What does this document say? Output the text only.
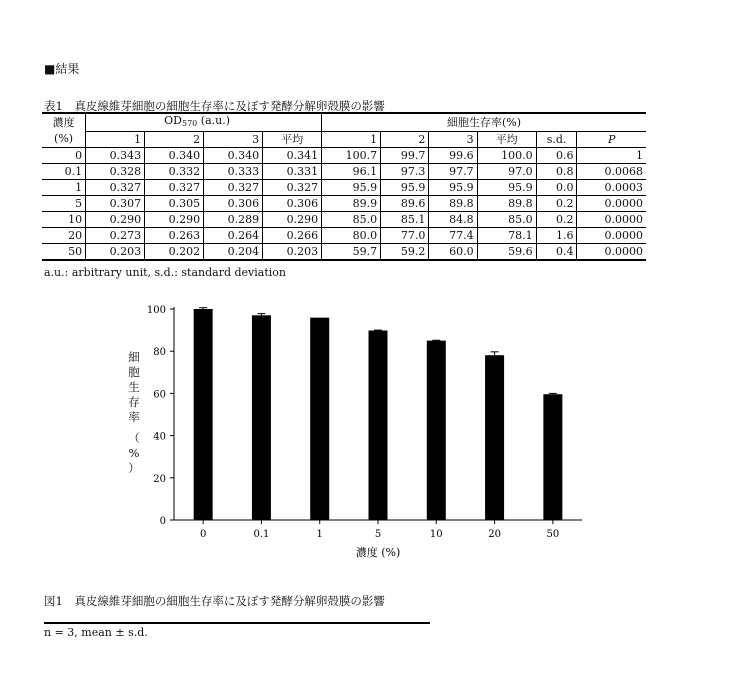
■結果
表1　真皮線維芽細胞の細胞生存率に及ぼす発酵分解卵殻膜の影響
濃度	$OD_{570}$ (a.u.)				細胞生存率(%)					
(%)	1	2	3	平均	1	2	3	平均	s.d.	P
0	0.343	0.340	0.340	0.341	100.7	99.7	99.6	100.0	0.6	1
0.1	0.328	0.332	0.333	0.331	96.1	97.3	97.7	97.0	0.8	0.0068
1	0.327	0.327	0.327	0.327	95.9	95.9	95.9	95.9	0.0	0.0003
5	0.307	0.305	0.306	0.306	89.9	89.6	89.8	89.8	0.2	0.0000
10	0.290	0.290	0.289	0.290	85.0	85.1	84.8	85.0	0.2	0.0000
20	0.273	0.263	0.264	0.266	80.0	77.0	77.4	78.1	1.6	0.0000
50	0.203	0.202	0.204	0.203	59.7	59.2	60.0	59.6	0.4	0.0000
a.u.: arbitrary unit, s.d.: standard deviation
細
胞
生
存
率
（
%
）
0
20
40
60
80
100
0	0.1	1	5	10	20	50
濃度 (%)
図1　真皮線維芽細胞の細胞生存率に及ぼす発酵分解卵殻膜の影響
n = 3, mean ± s.d.
